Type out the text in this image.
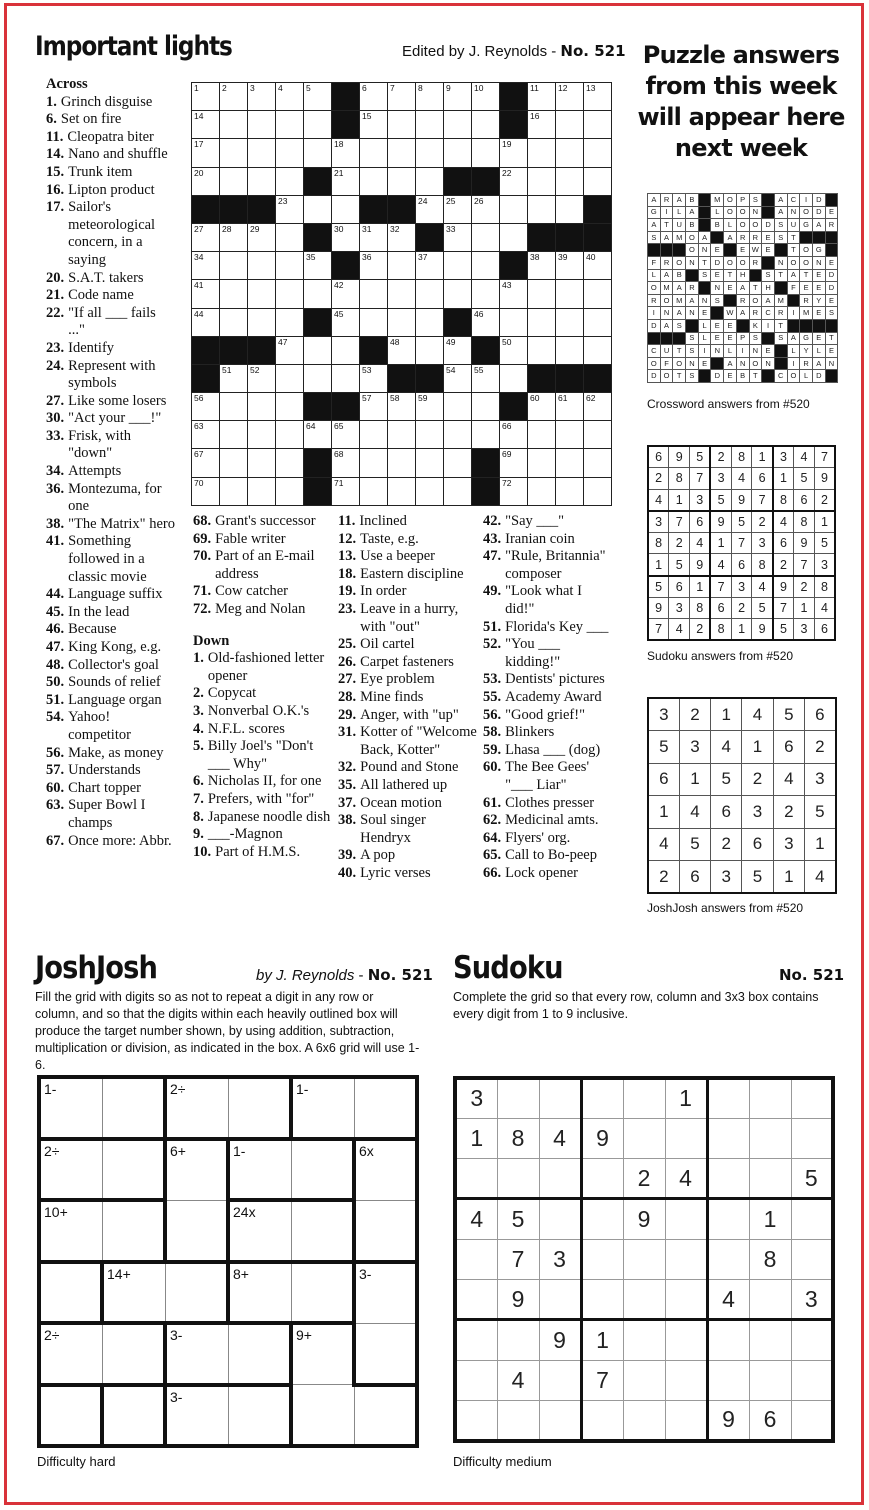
Important lights	Edited by J. Reynolds - No. 521
Across
1. Grinch disguise
6. Set on fire
11. Cleopatra biter
14. Nano and shuffle
15. Trunk item
16. Lipton product
17. Sailor's meteorological concern, in a saying
20. S.A.T. takers
21. Code name
22. "If all ___ fails ..."
23. Identify
24. Represent with symbols
27. Like some losers
30. "Act your ___!"
33. Frisk, with "down"
34. Attempts
36. Montezuma, for one
38. "The Matrix" hero
41. Something followed in a classic movie
44. Language suffix
45. In the lead
46. Because
47. King Kong, e.g.
48. Collector's goal
50. Sounds of relief
51. Language organ
54. Yahoo! competitor
56. Make, as money
57. Understands
60. Chart topper
63. Super Bowl I champs
67. Once more: Abbr.
68. Grant's successor
69. Fable writer
70. Part of an E-mail address
71. Cow catcher
72. Meg and Nolan
Down
1. Old-fashioned letter opener
2. Copycat
3. Nonverbal O.K.'s
4. N.F.L. scores
5. Billy Joel's "Don't ___ Why"
6. Nicholas II, for one
7. Prefers, with "for"
8. Japanese noodle dish
9. ___-Magnon
10. Part of H.M.S.
11. Inclined
12. Taste, e.g.
13. Use a beeper
18. Eastern discipline
19. In order
23. Leave in a hurry, with "out"
25. Oil cartel
26. Carpet fasteners
27. Eye problem
28. Mine finds
29. Anger, with "up"
31. Kotter of "Welcome Back, Kotter"
32. Pound and Stone
35. All lathered up
37. Ocean motion
38. Soul singer Hendryx
39. A pop
40. Lyric verses
42. "Say ___"
43. Iranian coin
47. "Rule, Britannia" composer
49. "Look what I did!"
51. Florida's Key ___
52. "You ___ kidding!"
53. Dentists' pictures
55. Academy Award
56. "Good grief!"
58. Blinkers
59. Lhasa ___ (dog)
60. The Bee Gees' "___ Liar"
61. Clothes presser
62. Medicinal amts.
64. Flyers' org.
65. Call to Bo-peep
66. Lock opener
1	2	3	4	5		6	7	8	9	10		11	12	13
14						15						16		
17					18						19			
20					21						22			
			23					24	25	26				
27	28	29			30	31	32		33					
34				35		36		37				38	39	40
41					42						43			
44					45					46				
			47				48		49		50			
	51	52				53			54	55				
56						57	58	59				60	61	62
63				64	65						66			
67					68						69			
70					71						72			
Puzzle answers from this week will appear here next week
A	R	A	B		M	O	P	S		A	C	I	D	
G	I	L	A		L	O	O	N		A	N	O	D	E
A	T	U	B		B	L	O	O	D	S	U	G	A	R
S	A	M	O	A		A	R	R	E	S	T			
			O	N	E		E	W	E		T	O	G	
F	R	O	N	T	D	O	O	R		N	O	O	N	E
L	A	B		S	E	T	H		S	T	A	T	E	D
O	M	A	R		N	E	A	T	H		F	E	E	D
R	O	M	A	N	S		R	O	A	M		R	Y	E
I	N	A	N	E		W	A	R	C	R	I	M	E	S
D	A	S		L	E	E		K	I	T				
			S	L	E	E	P	S		S	A	G	E	T
C	U	T	S	I	N	L	I	N	E		L	Y	L	E
O	F	O	N	E		A	N	O	N		I	R	A	N
D	O	T	S		D	E	B	T		C	O	L	D	
Crossword answers from #520
6	9	5	2	8	1	3	4	7
2	8	7	3	4	6	1	5	9
4	1	3	5	9	7	8	6	2
3	7	6	9	5	2	4	8	1
8	2	4	1	7	3	6	9	5
1	5	9	4	6	8	2	7	3
5	6	1	7	3	4	9	2	8
9	3	8	6	2	5	7	1	4
7	4	2	8	1	9	5	3	6
Sudoku answers from #520
3	2	1	4	5	6
5	3	4	1	6	2
6	1	5	2	4	3
1	4	6	3	2	5
4	5	2	6	3	1
2	6	3	5	1	4
JoshJosh answers from #520
JoshJosh	by J. Reynolds - No. 521
Fill the grid with digits so as not to repeat a digit in any row or column, and so that the digits within each heavily outlined box will produce the target number shown, by using addition, subtraction, multiplication or division, as indicated in the box. A 6x6 grid will use 1-6.
1-		2÷		1-	
2÷		6+	1-		6x
10+			24x		
	14+		8+		3-
2÷		3-		9+	
		3-			
Difficulty hard
Sudoku	No. 521
Complete the grid so that every row, column and 3x3 box contains every digit from 1 to 9 inclusive.
3					1			
1	8	4	9					
				2	4			5
4	5			9			1	
	7	3					8	
	9					4		3
		9	1					
	4		7					
						9	6	
Difficulty medium
